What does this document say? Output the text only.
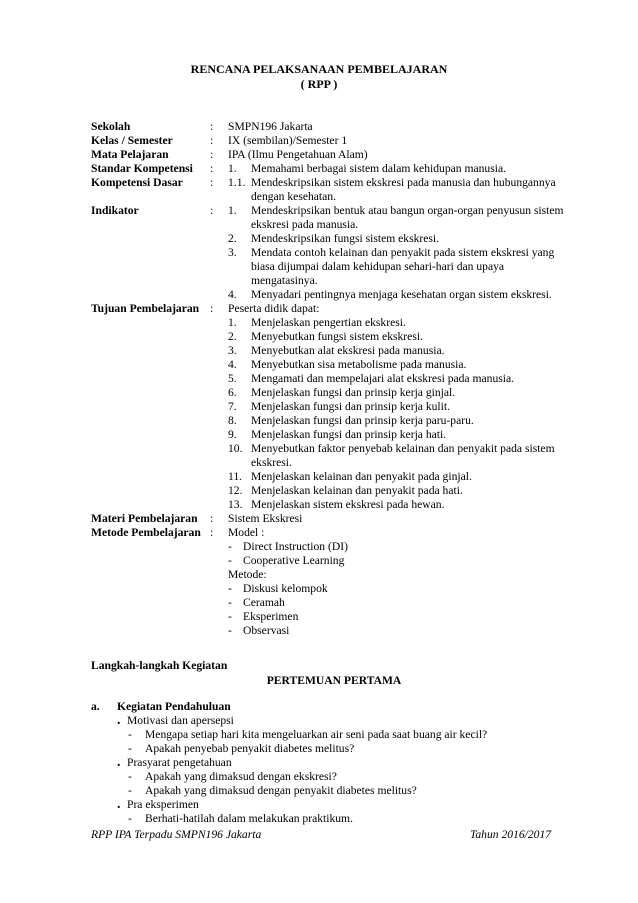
RENCANA PELAKSANAAN PEMBELAJARAN
( RPP )
Sekolah	: SMPN196 Jakarta
Kelas / Semester	: IX (sembilan)/Semester 1
Mata Pelajaran	: IPA (Ilmu Pengetahuan Alam)
Standar Kompetensi : 1. Memahami berbagai sistem dalam kehidupan manusia.
Kompetensi Dasar : 1.1. Mendeskripsikan sistem ekskresi pada manusia dan hubungannya
dengan kesehatan.
Indikator	: 1. Mendeskripsikan bentuk atau bangun organ-organ penyusun sistem
ekskresi pada manusia.
2. Mendeskripsikan fungsi sistem ekskresi.
3. Mendata contoh kelainan dan penyakit pada sistem ekskresi yang
biasa dijumpai dalam kehidupan sehari-hari dan upaya
mengatasinya.
4. Menyadari pentingnya menjaga kesehatan organ sistem ekskresi.
Tujuan Pembelajaran : Peserta didik dapat:
1. Menjelaskan pengertian ekskresi.
2. Menyebutkan fungsi sistem ekskresi.
3. Menyebutkan alat ekskresi pada manusia.
4. Menyebutkan sisa metabolisme pada manusia.
5. Mengamati dan mempelajari alat ekskresi pada manusia.
6. Menjelaskan fungsi dan prinsip kerja ginjal.
7. Menjelaskan fungsi dan prinsip kerja kulit.
8. Menjelaskan fungsi dan prinsip kerja paru-paru.
9. Menjelaskan fungsi dan prinsip kerja hati.
10. Menyebutkan faktor penyebab kelainan dan penyakit pada sistem
ekskresi.
11. Menjelaskan kelainan dan penyakit pada ginjal.
12. Menjelaskan kelainan dan penyakit pada hati.
13. Menjelaskan sistem ekskresi pada hewan.
Materi Pembelajaran : Sistem Ekskresi
Metode Pembelajaran : Model :
- Direct Instruction (DI)
- Cooperative Learning
Metode:
- Diskusi kelompok
- Ceramah
- Eksperimen
- Observasi
Langkah-langkah Kegiatan
PERTEMUAN PERTAMA
a. Kegiatan Pendahuluan
. Motivasi dan apersepsi
- Mengapa setiap hari kita mengeluarkan air seni pada saat buang air kecil?
- Apakah penyebab penyakit diabetes melitus?
. Prasyarat pengetahuan
- Apakah yang dimaksud dengan ekskresi?
- Apakah yang dimaksud dengan penyakit diabetes melitus?
. Pra eksperimen
- Berhati-hatilah dalam melakukan praktikum.
RPP IPA Terpadu SMPN196 Jakarta	Tahun 2016/2017
